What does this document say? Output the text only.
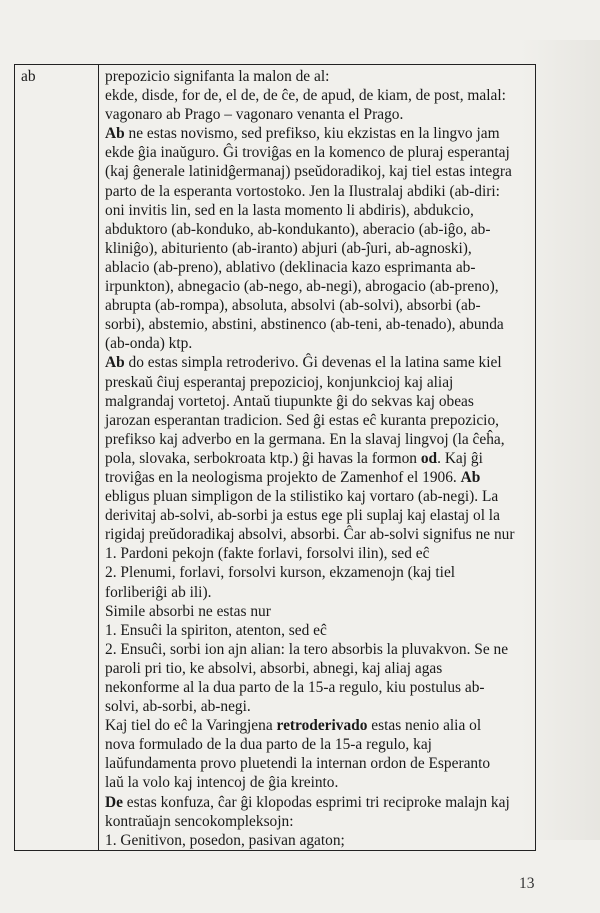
ab	prepozicio signifanta la malon de al:

ekde, disde, for de, el de, de ĉe, de apud, de kiam, de post, malal:

vagonaro ab Prago – vagonaro venanta el Prago.

Ab ne estas novismo, sed prefikso, kiu ekzistas en la lingvo jam

ekde ĝia inaŭguro. Ĝi troviĝas en la komenco de pluraj esperantaj

(kaj ĝenerale latinidĝermanaj) pseŭdoradikoj, kaj tiel estas integra

parto de la esperanta vortostoko. Jen la Ilustralaj abdiki (ab-diri:

oni invitis lin, sed en la lasta momento li abdiris), abdukcio,

abduktoro (ab-konduko, ab-kondukanto), aberacio (ab-iĝo, ab-

kliniĝo), abituriento (ab-iranto) abjuri (ab-ĵuri, ab-agnoski),

ablacio (ab-preno), ablativo (deklinacia kazo esprimanta ab-

irpunkton), abnegacio (ab-nego, ab-negi), abrogacio (ab-preno),

abrupta (ab-rompa), absoluta, absolvi (ab-solvi), absorbi (ab-

sorbi), abstemio, abstini, abstinenco (ab-teni, ab-tenado), abunda

(ab-onda) ktp.

Ab do estas simpla retroderivo. Ĝi devenas el la latina same kiel

preskaŭ ĉiuj esperantaj prepozicioj, konjunkcioj kaj aliaj

malgrandaj vortetoj. Antaŭ tiupunkte ĝi do sekvas kaj obeas

jarozan esperantan tradicion. Sed ĝi estas eĉ kuranta prepozicio,

prefikso kaj adverbo en la germana. En la slavaj lingvoj (la ĉeĥa,

pola, slovaka, serbokroata ktp.) ĝi havas la formon od. Kaj ĝi

troviĝas en la neologisma projekto de Zamenhof el 1906. Ab

ebligus pluan simpligon de la stilistiko kaj vortaro (ab-negi). La

derivitaj ab-solvi, ab-sorbi ja estus ege pli suplaj kaj elastaj ol la

rigidaj preŭdoradikaj absolvi, absorbi. Ĉar ab-solvi signifus ne nur

1. Pardoni pekojn (fakte forlavi, forsolvi ilin), sed eĉ

2. Plenumi, forlavi, forsolvi kurson, ekzamenojn (kaj tiel

forliberiĝi ab ili).

Simile absorbi ne estas nur

1. Ensuĉi la spiriton, atenton, sed eĉ

2. Ensuĉi, sorbi ion ajn alian: la tero absorbis la pluvakvon. Se ne

paroli pri tio, ke absolvi, absorbi, abnegi, kaj aliaj agas

nekonforme al la dua parto de la 15-a regulo, kiu postulus ab-

solvi, ab-sorbi, ab-negi.

Kaj tiel do eĉ la Varingjena retroderivado estas nenio alia ol

nova formulado de la dua parto de la 15-a regulo, kaj

laŭfundamenta provo pluetendi la internan ordon de Esperanto

laŭ la volo kaj intencoj de ĝia kreinto.

De estas konfuza, ĉar ĝi klopodas esprimi tri reciproke malajn kaj

kontraŭajn sencokompleksojn:

1. Genitivon, posedon, pasivan agaton;

13
